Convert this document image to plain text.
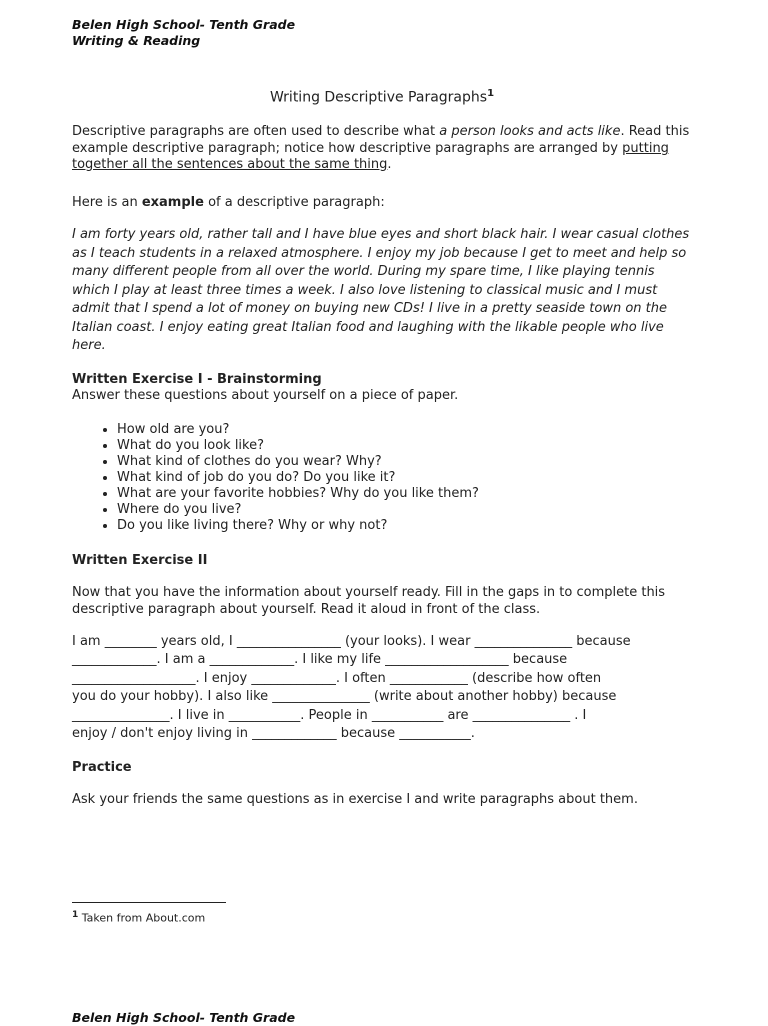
Belen High School- Tenth Grade

Writing & Reading

Writing Descriptive Paragraphs$^1$

Descriptive paragraphs are often used to describe what a person looks and acts like. Read this example descriptive paragraph; notice how descriptive paragraphs are arranged by putting together all the sentences about the same thing.

Here is an example of a descriptive paragraph:

I am forty years old, rather tall and I have blue eyes and short black hair. I wear casual clothes as I teach students in a relaxed atmosphere. I enjoy my job because I get to meet and help so many different people from all over the world. During my spare time, I like playing tennis which I play at least three times a week. I also love listening to classical music and I must admit that I spend a lot of money on buying new CDs! I live in a pretty seaside town on the Italian coast. I enjoy eating great Italian food and laughing with the likable people who live here.

Written Exercise I - Brainstorming

Answer these questions about yourself on a piece of paper.

• How old are you?
• What do you look like?
• What kind of clothes do you wear? Why?
• What kind of job do you do? Do you like it?
• What are your favorite hobbies? Why do you like them?
• Where do you live?
• Do you like living there? Why or why not?
Written Exercise II

Now that you have the information about yourself ready. Fill in the gaps in to complete this descriptive paragraph about yourself. Read it aloud in front of the class.

I am ________ years old, I ________________ (your looks). I wear _______________ because
_____________. I am a _____________. I like my life ___________________ because
___________________. I enjoy _____________. I often ____________ (describe how often
you do your hobby). I also like _______________ (write about another hobby) because
_______________. I live in ___________. People in ___________ are _______________ . I
enjoy / don't enjoy living in _____________ because ___________.
Practice

Ask your friends the same questions as in exercise I and write paragraphs about them.

$^1$ Taken from About.com

Belen High School- Tenth Grade
